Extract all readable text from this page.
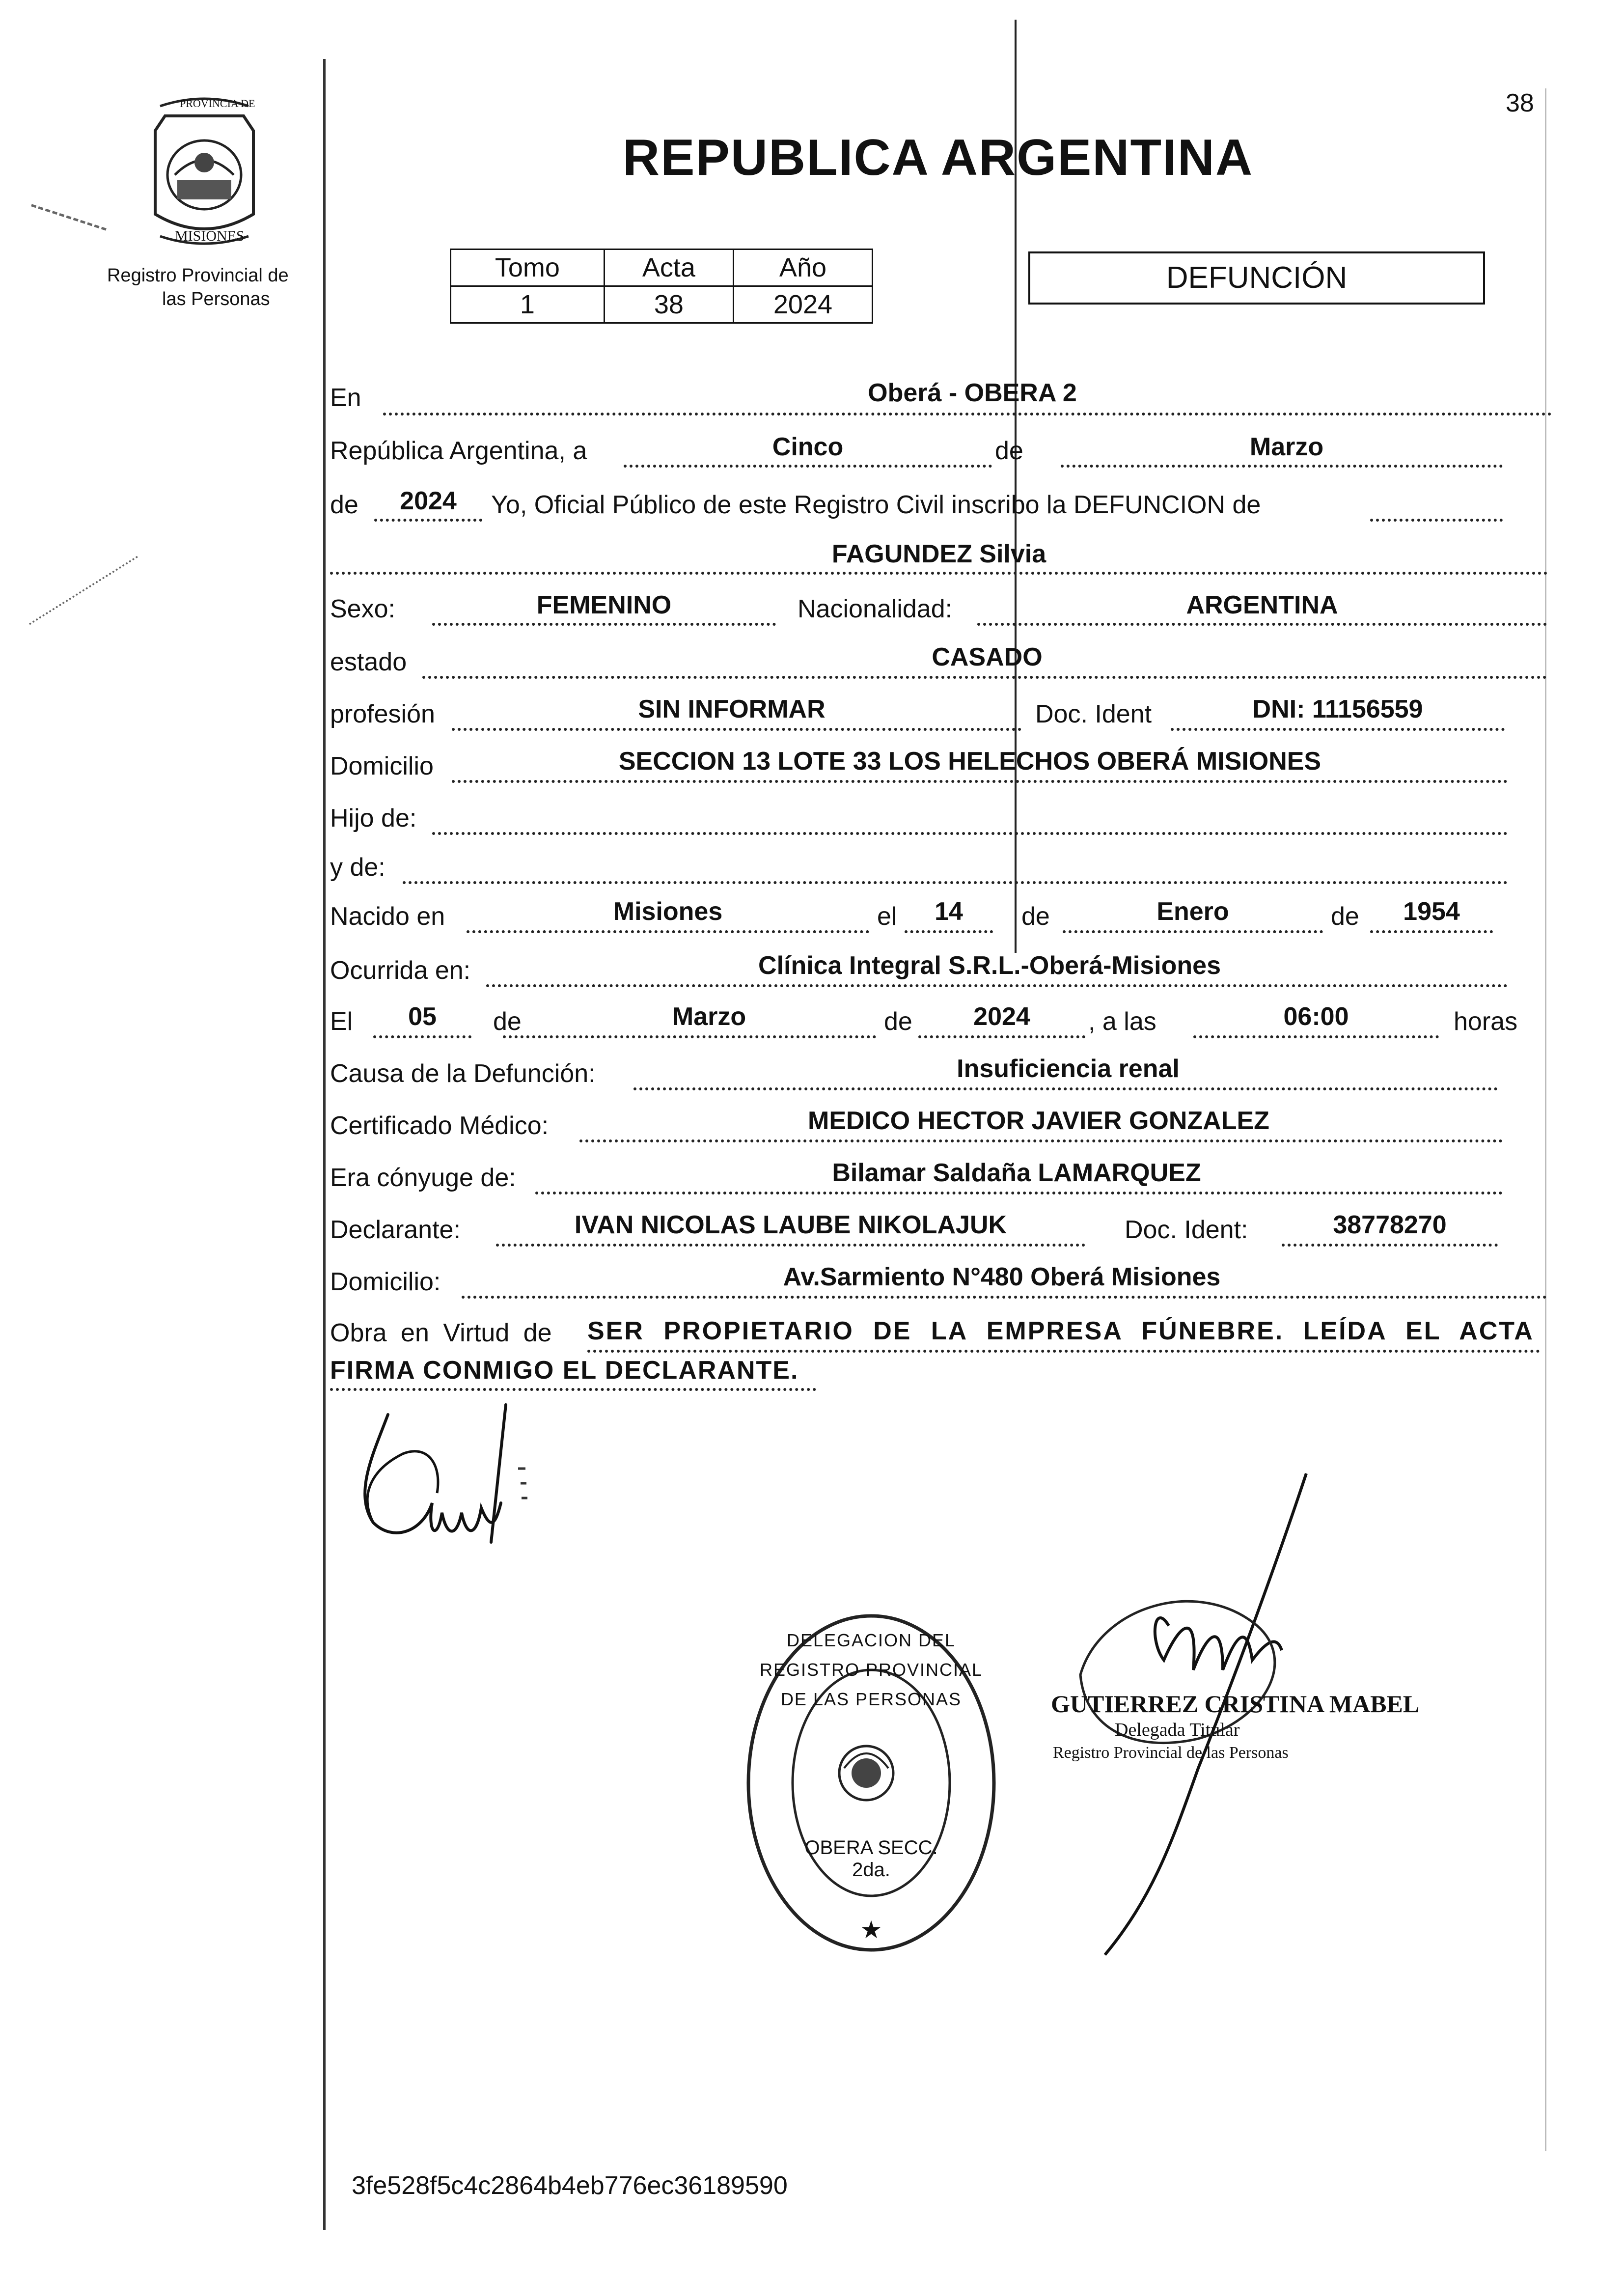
38
PROVINCIA DE
MISIONES
Registro Provincial de
las Personas
REPUBLICA ARGENTINA
Tomo	Acta	Año
1	38	2024
DEFUNCIÓN
En	Oberá - OBERA 2
República Argentina, a	Cinco	de	Marzo
de	2024	Yo, Oficial Público de este Registro Civil inscribo la DEFUNCION de
FAGUNDEZ Silvia
Sexo:	FEMENINO	Nacionalidad:	ARGENTINA
estado	CASADO
profesión	SIN INFORMAR	Doc. Ident	DNI: 11156559
Domicilio	SECCION 13 LOTE 33 LOS HELECHOS OBERÁ MISIONES
Hijo de:
y de:
Nacido en	Misiones	el	14	de	Enero	de	1954
Ocurrida en:	Clínica Integral S.R.L.-Oberá-Misiones
El	05	de	Marzo	de	2024	, a las	06:00	horas
Causa de la Defunción:	Insuficiencia renal
Certificado Médico:	MEDICO HECTOR JAVIER GONZALEZ
Era cónyuge de:	Bilamar Saldaña LAMARQUEZ
Declarante:	IVAN NICOLAS LAUBE NIKOLAJUK	Doc. Ident:	38778270
Domicilio:	Av.Sarmiento N°480 Oberá Misiones
Obra en Virtud de SER PROPIETARIO DE LA EMPRESA FÚNEBRE. LEÍDA EL ACTA
FIRMA CONMIGO EL DECLARANTE.
DELEGACION DEL REGISTRO PROVINCIAL DE LAS PERSONAS
OBERA SECC. 2da.
★
GUTIERREZ CRISTINA MABEL
Delegada Titular
Registro Provincial de las Personas
3fe528f5c4c2864b4eb776ec36189590
